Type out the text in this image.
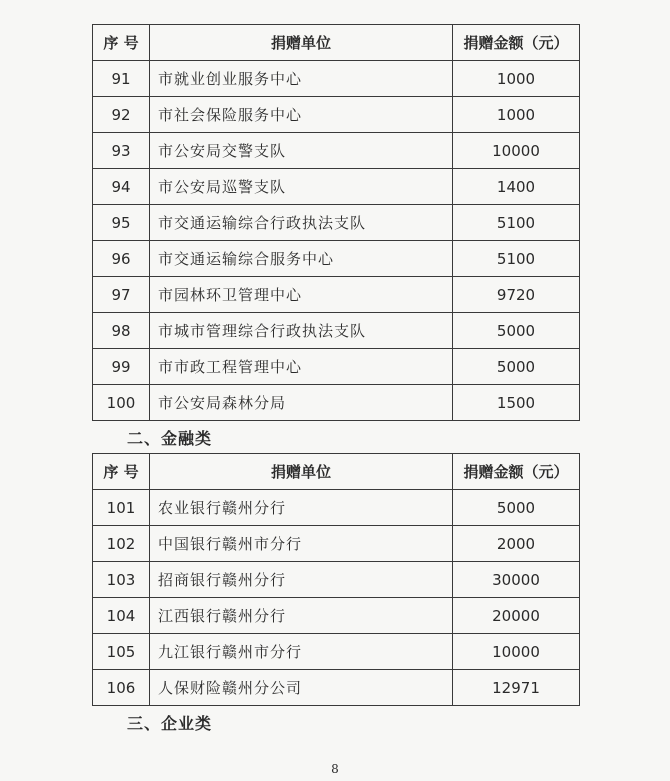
序 号	捐赠单位	捐赠金额（元）
91	市就业创业服务中心	1000
92	市社会保险服务中心	1000
93	市公安局交警支队	10000
94	市公安局巡警支队	1400
95	市交通运输综合行政执法支队	5100
96	市交通运输综合服务中心	5100
97	市园林环卫管理中心	9720
98	市城市管理综合行政执法支队	5000
99	市市政工程管理中心	5000
100	市公安局森林分局	1500
二、金融类
序 号	捐赠单位	捐赠金额（元）
101	农业银行赣州分行	5000
102	中国银行赣州市分行	2000
103	招商银行赣州分行	30000
104	江西银行赣州分行	20000
105	九江银行赣州市分行	10000
106	人保财险赣州分公司	12971
三、企业类
8
